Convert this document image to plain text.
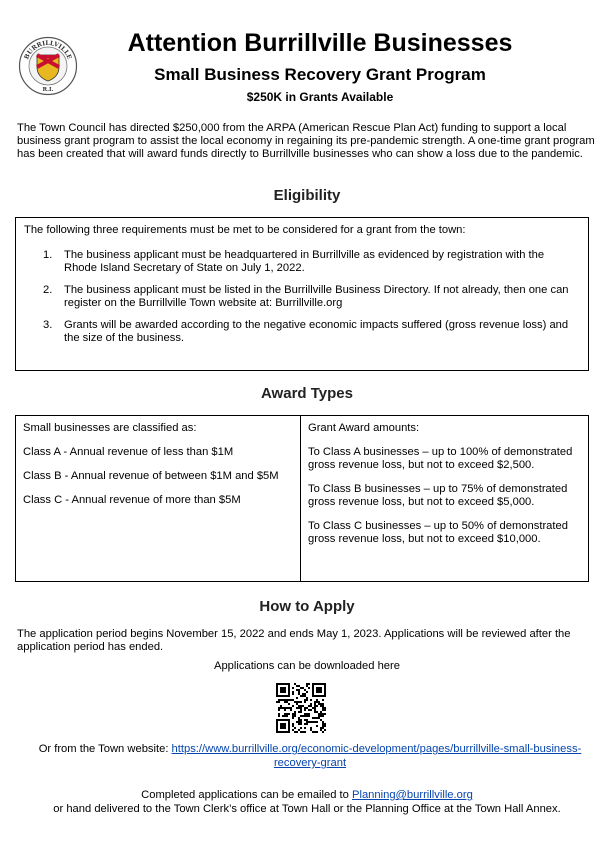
BURRILLVILLE
R.I.
Attention Burrillville Businesses
Small Business Recovery Grant Program
$250K in Grants Available
The Town Council has directed $250,000 from the ARPA (American Rescue Plan Act) funding to support a local business grant program to assist the local economy in regaining its pre-pandemic strength. A one-time grant program has been created that will award funds directly to Burrillville businesses who can show a loss due to the pandemic.
Eligibility

The following three requirements must be met to be considered for a grant from the town:

1. The business applicant must be headquartered in Burrillville as evidenced by registration with the Rhode Island Secretary of State on July 1, 2022.
2. The business applicant must be listed in the Burrillville Business Directory. If not already, then one can register on the Burrillville Town website at: Burrillville.org
3. Grants will be awarded according to the negative economic impacts suffered (gross revenue loss) and the size of the business.
Award Types

Small businesses are classified as:

Class A - Annual revenue of less than $1M

Class B - Annual revenue of between $1M and $5M

Class C - Annual revenue of more than $5M

Grant Award amounts:

To Class A businesses – up to 100% of demonstrated gross revenue loss, but not to exceed $2,500.

To Class B businesses – up to 75% of demonstrated gross revenue loss, but not to exceed $5,000.

To Class C businesses – up to 50% of demonstrated gross revenue loss, but not to exceed $10,000.

How to Apply
The application period begins November 15, 2022 and ends May 1, 2023. Applications will be reviewed after the application period has ended.
Applications can be downloaded here
Or from the Town website: https://www.burrillville.org/economic-development/pages/burrillville-small-business-recovery-grant
Completed applications can be emailed to Planning@burrillville.org
or hand delivered to the Town Clerk’s office at Town Hall or the Planning Office at the Town Hall Annex.
